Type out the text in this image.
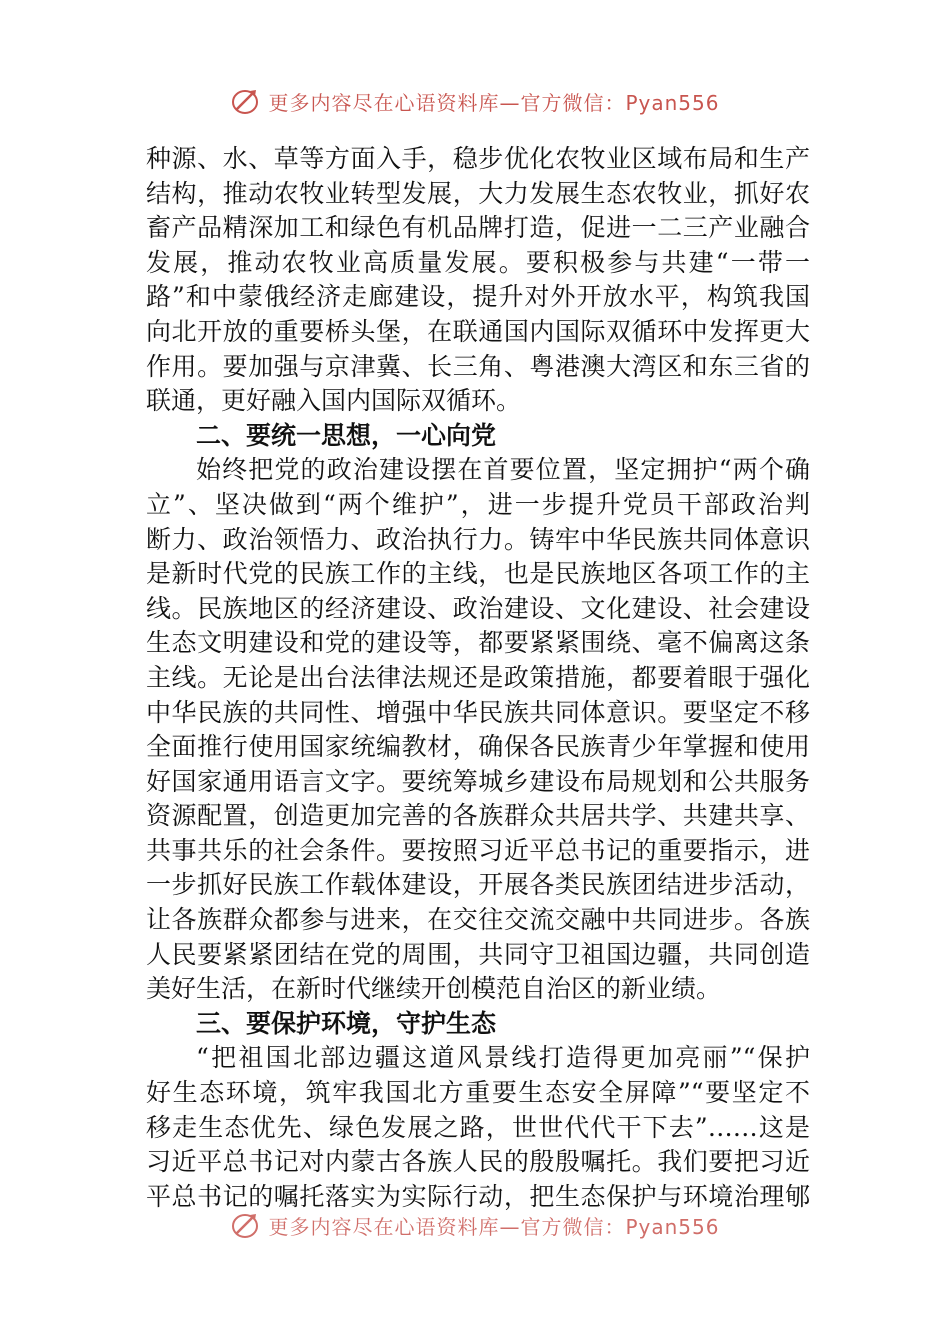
更多内容尽在心语资料库—官方微信：Pyan556
种源、水、草等方面入手，稳步优化农牧业区域布局和生产
结构，推动农牧业转型发展，大力发展生态农牧业，抓好农
畜产品精深加工和绿色有机品牌打造，促进一二三产业融合
发展，推动农牧业高质量发展。要积极参与共建“一带一
路”和中蒙俄经济走廊建设，提升对外开放水平，构筑我国
向北开放的重要桥头堡，在联通国内国际双循环中发挥更大
作用。要加强与京津冀、长三角、粤港澳大湾区和东三省的
联通，更好融入国内国际双循环。
二、要统一思想，一心向党
始终把党的政治建设摆在首要位置，坚定拥护“两个确
立”、坚决做到“两个维护”，进一步提升党员干部政治判
断力、政治领悟力、政治执行力。铸牢中华民族共同体意识
是新时代党的民族工作的主线，也是民族地区各项工作的主
线。民族地区的经济建设、政治建设、文化建设、社会建设
生态文明建设和党的建设等，都要紧紧围绕、毫不偏离这条
主线。无论是出台法律法规还是政策措施，都要着眼于强化
中华民族的共同性、增强中华民族共同体意识。要坚定不移
全面推行使用国家统编教材，确保各民族青少年掌握和使用
好国家通用语言文字。要统筹城乡建设布局规划和公共服务
资源配置，创造更加完善的各族群众共居共学、共建共享、
共事共乐的社会条件。要按照习近平总书记的重要指示，进
一步抓好民族工作载体建设，开展各类民族团结进步活动，
让各族群众都参与进来，在交往交流交融中共同进步。各族
人民要紧紧团结在党的周围，共同守卫祖国边疆，共同创造
美好生活，在新时代继续开创模范自治区的新业绩。
三、要保护环境，守护生态
“把祖国北部边疆这道风景线打造得更加亮丽”“保护
好生态环境，筑牢我国北方重要生态安全屏障”“要坚定不
移走生态优先、绿色发展之路，世世代代干下去”……这是
习近平总书记对内蒙古各族人民的殷殷嘱托。我们要把习近
平总书记的嘱托落实为实际行动，把生态保护与环境治理郇
更多内容尽在心语资料库—官方微信：Pyan556
